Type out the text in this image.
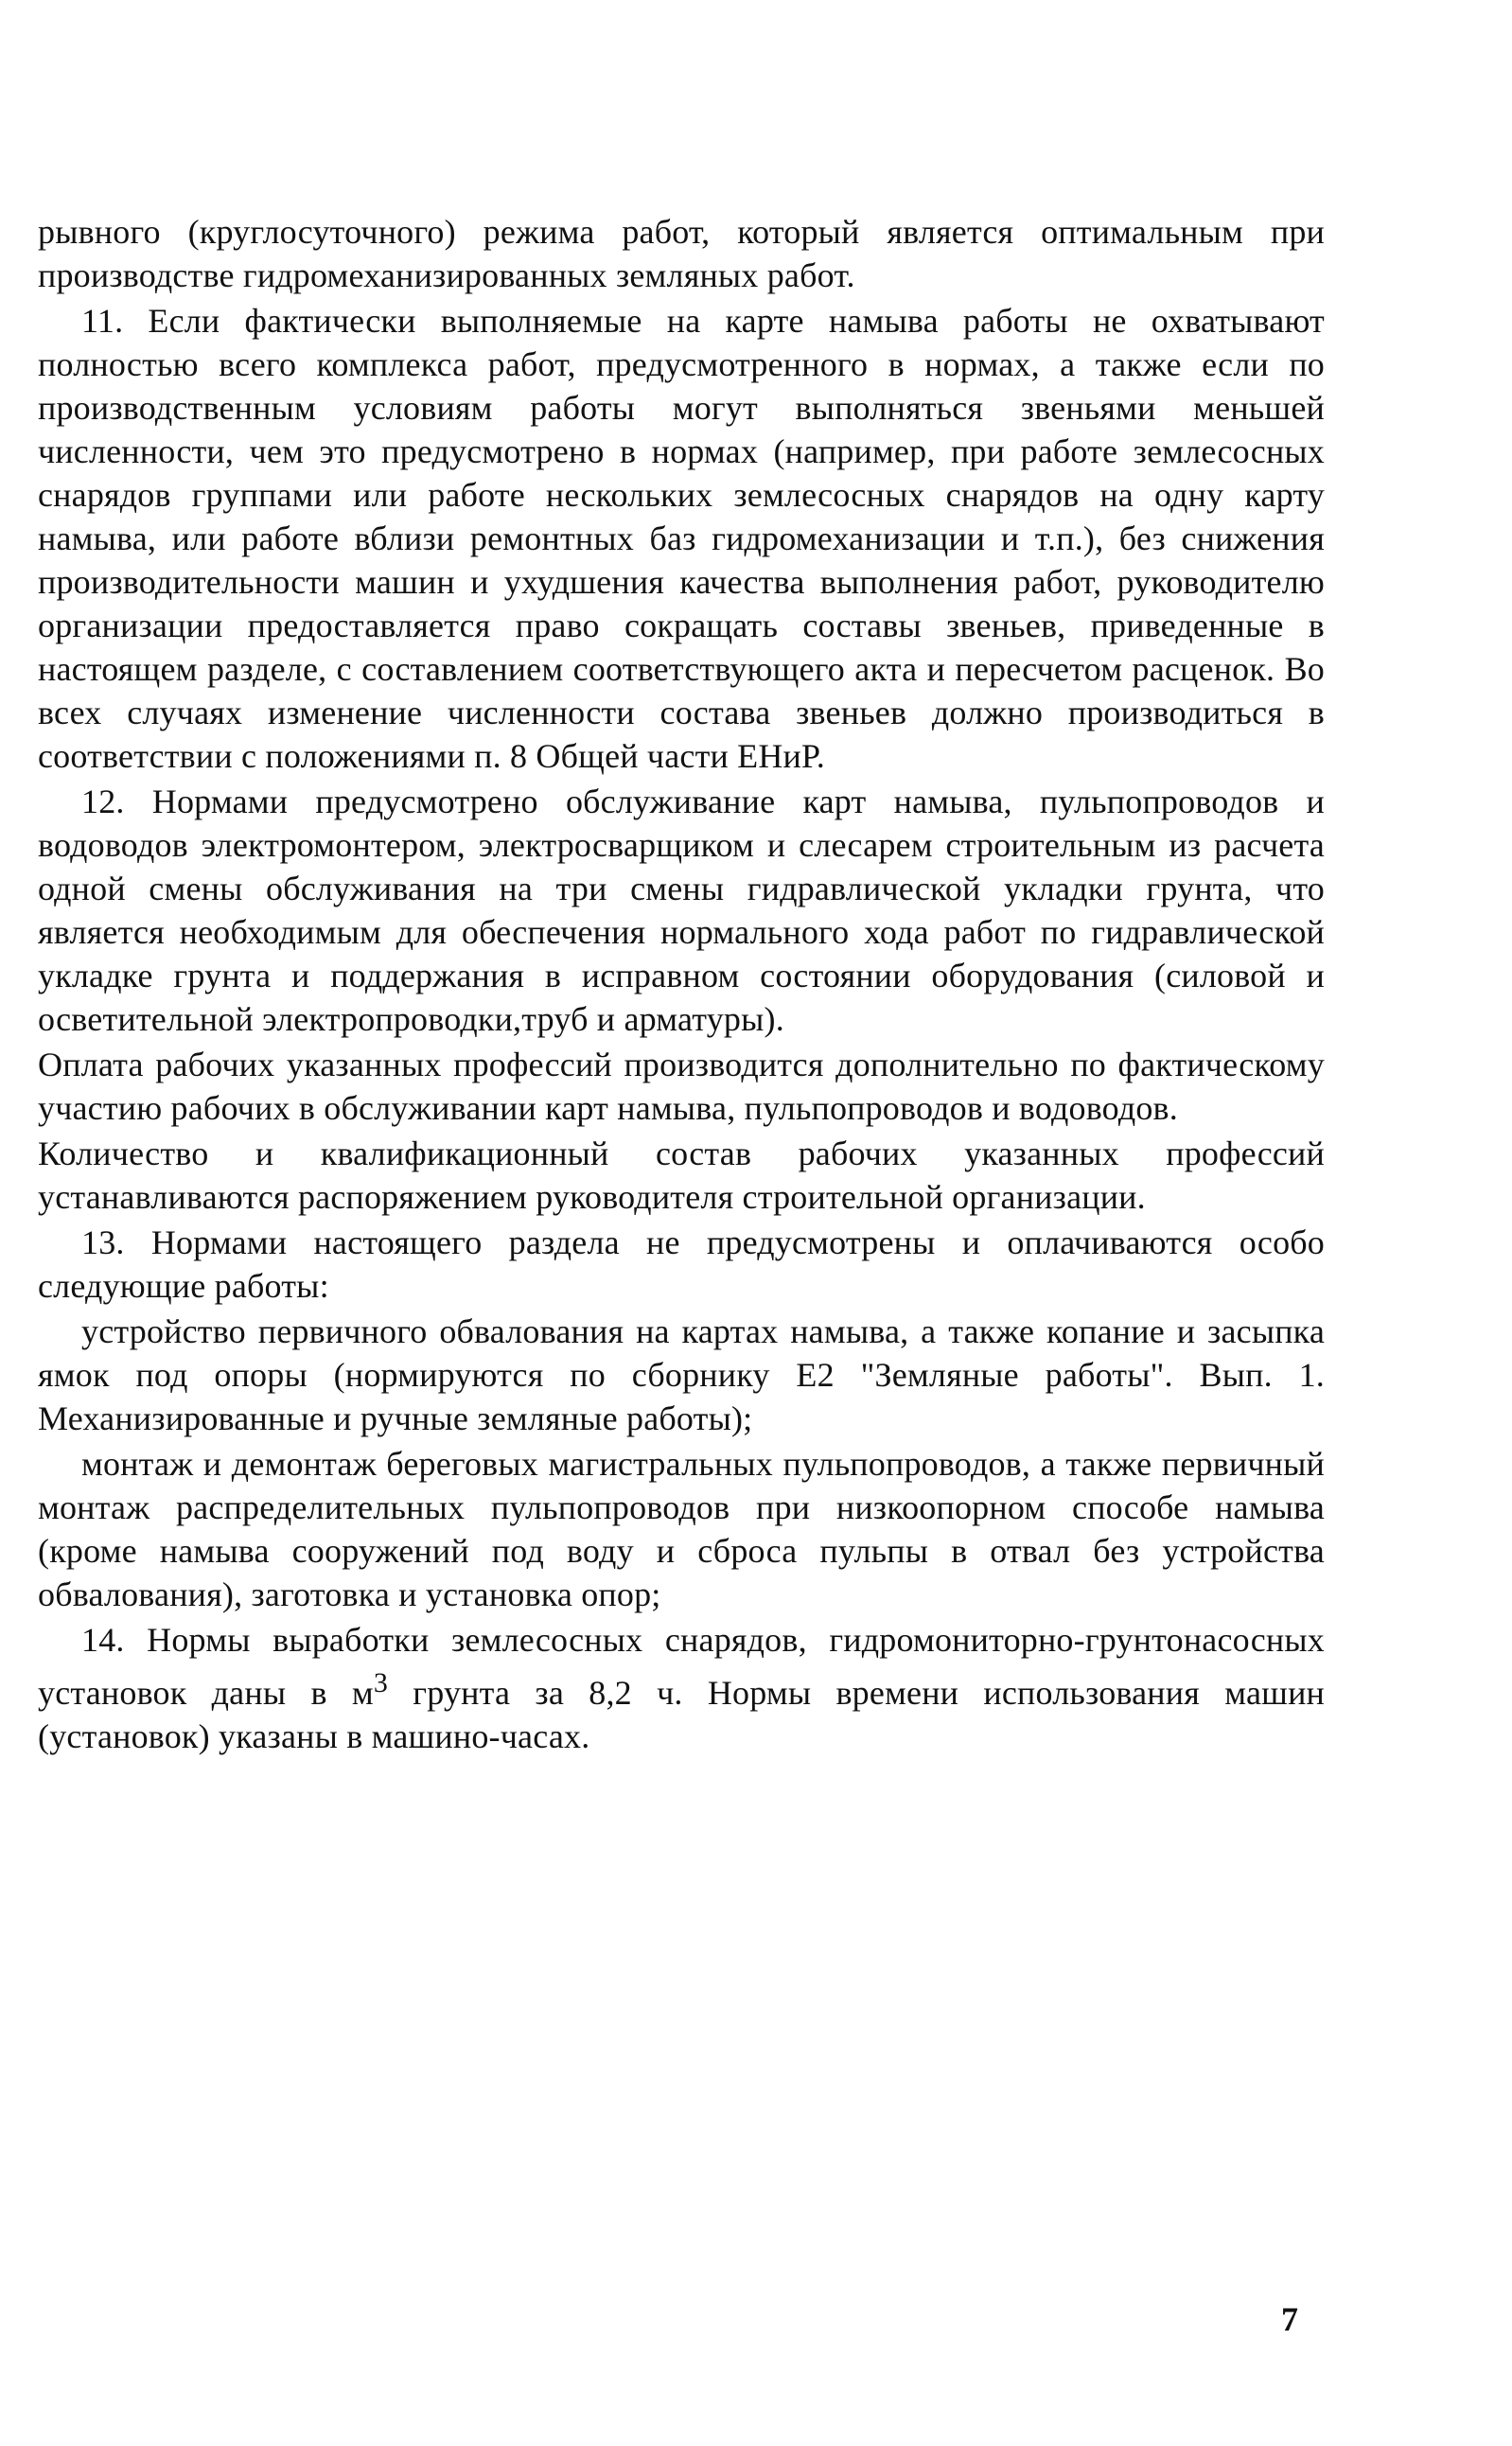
рывного (круглосуточного) режима работ, который является оптимальным при производстве гидромеханизированных земляных работ.

11. Если фактически выполняемые на карте намыва работы не охватывают полностью всего комплекса работ, предусмотренного в нормах, а также если по производственным условиям работы могут выполняться звеньями меньшей численности, чем это предусмотрено в нормах (например, при работе землесосных снарядов группами или работе нескольких землесосных снарядов на одну карту намыва, или работе вблизи ремонтных баз гидромеханизации и т.п.), без снижения производительности машин и ухудшения качества выполнения работ, руководителю организации предоставляется право сокращать составы звеньев, приведенные в настоящем разделе, с составлением соответствующего акта и пересчетом расценок. Во всех случаях изменение численности состава звеньев должно производиться в соответствии с положениями п. 8 Общей части ЕНиР.

12. Нормами предусмотрено обслуживание карт намыва, пульпопроводов и водоводов электромонтером, электросварщиком и слесарем строительным из расчета одной смены обслуживания на три смены гидравлической укладки грунта, что является необходимым для обеспечения нормального хода работ по гидравлической укладке грунта и поддержания в исправном состоянии оборудования (силовой и осветительной электропроводки,труб и арматуры).

Оплата рабочих указанных профессий производится дополнительно по фактическому участию рабочих в обслуживании карт намыва, пульпопроводов и водоводов.

Количество и квалификационный состав рабочих указанных профессий устанавливаются распоряжением руководителя строительной организации.

13. Нормами настоящего раздела не предусмотрены и оплачиваются особо следующие работы:

устройство первичного обвалования на картах намыва, а также копание и засыпка ямок под опоры (нормируются по сборнику Е2 "Земляные работы". Вып. 1. Механизированные и ручные земляные работы);

монтаж и демонтаж береговых магистральных пульпопроводов, а также первичный монтаж распределительных пульпопроводов при низкоопорном способе намыва (кроме намыва сооружений под воду и сброса пульпы в отвал без устройства обвалования), заготовка и установка опор;

14. Нормы выработки землесосных снарядов, гидромониторно-грунтонасосных установок даны в $м^3$ грунта за 8,2 ч. Нормы времени использования машин (установок) указаны в машино-часах.

7
